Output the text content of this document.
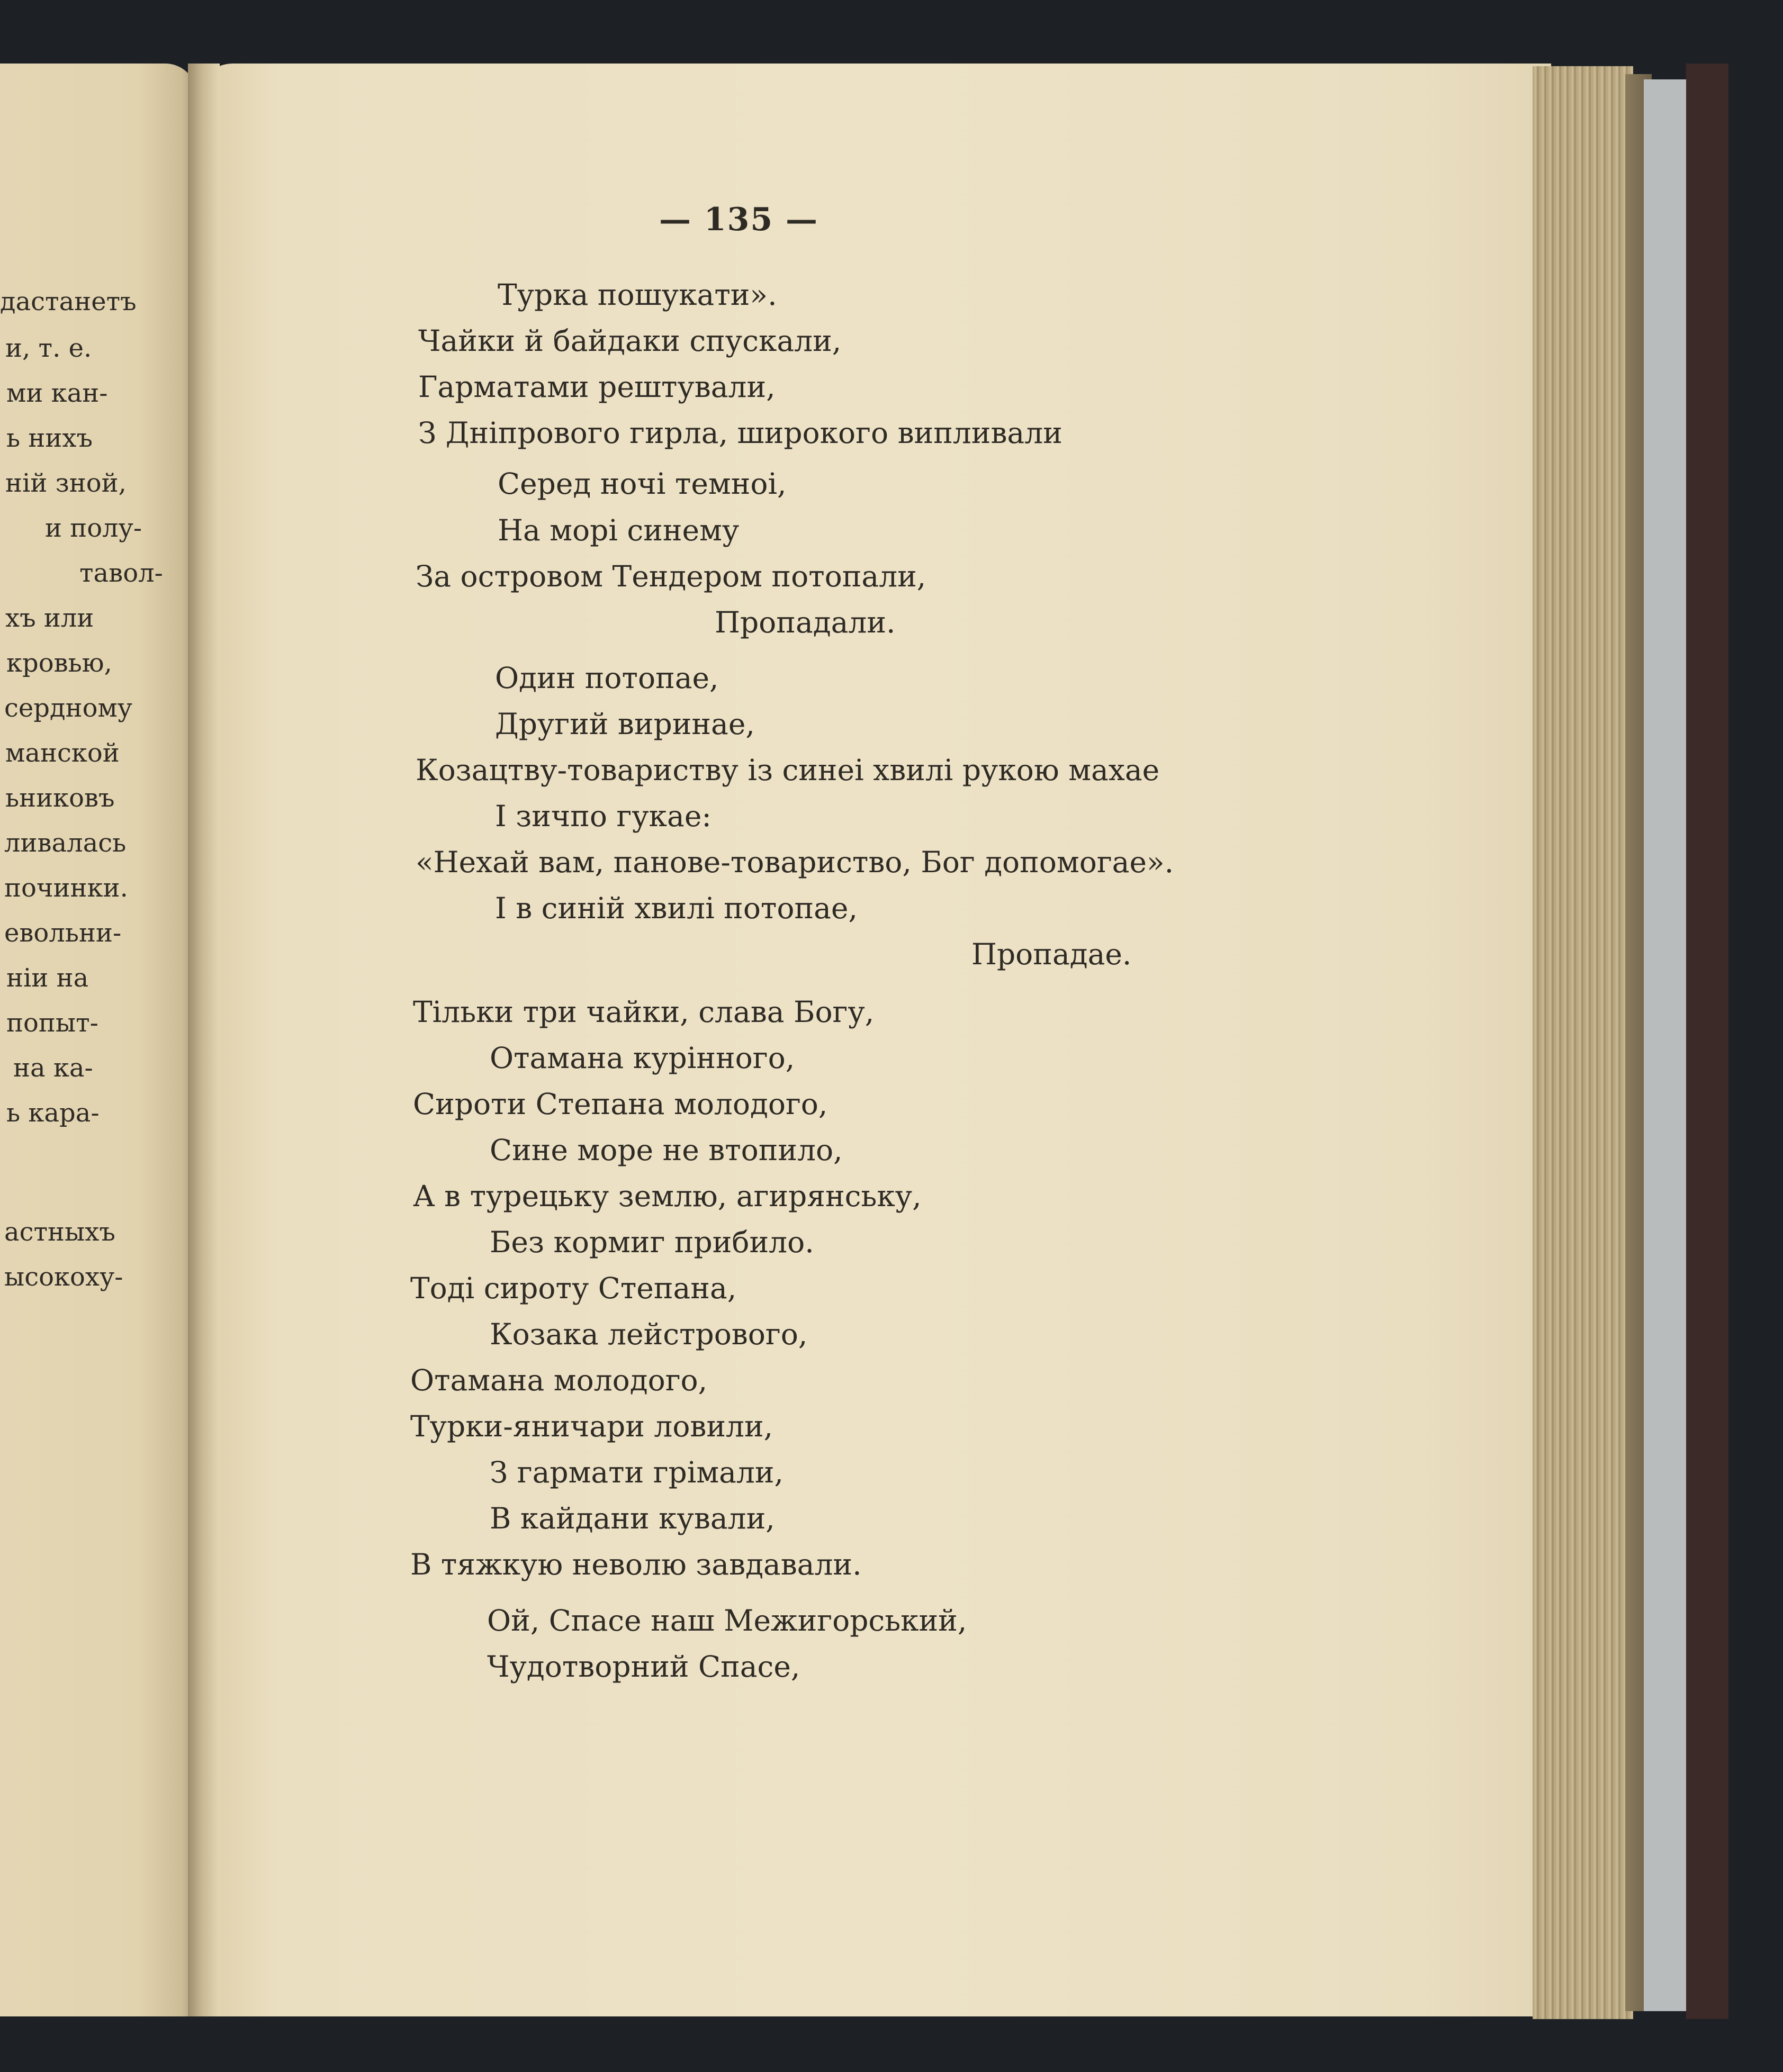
— 135 —

Турка пошукати».

Чайки й байдаки спускали,

Гарматами рештували,

З Дніпрового гирла, широкого випливали

Серед ночі темноі,

На морі синему

За островом Тендером потопали,

Пропадали.

Один потопае,

Другий виринае,

Козацтву-товариству із синеі хвилі рукою махае

І зичпо гукае:

«Нехай вам, панове-товариство, Бог допомогае».

І в синій хвилі потопае,

Пропадае.

Тільки три чайки, слава Богу,

Отамана курінного,

Сироти Степана молодого,

Сине море не втопило,

А в турецьку землю, агирянську,

Без кормиг прибило.

Тоді сироту Степана,

Козака лейстрового,

Отамана молодого,

Турки-яничари ловили,

З гармати грімали,

В кайдани кували,

В тяжкую неволю завдавали.

Ой, Спасе наш Межигорський,

Чудотворний Спасе,

дастанетъ

и, т. е.

ми кан-

ь нихъ

ній зной,

и полу-

тавол-

хъ или

кровью,

сердному

манской

ьниковъ

ливалась

починки.

евольни-

ніи на

попыт-

на ка-

ь кара-

астныхъ

ысокоху-
